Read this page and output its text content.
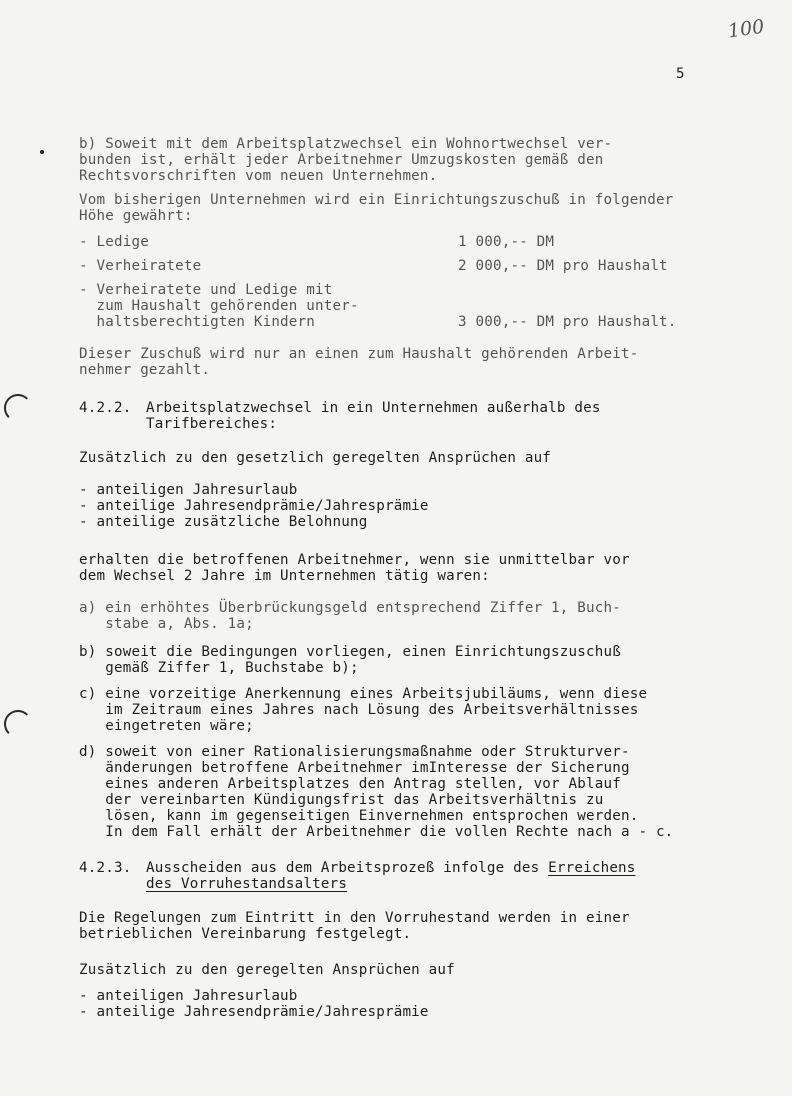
100
5
b) Soweit mit dem Arbeitsplatzwechsel ein Wohnortwechsel ver-
bunden ist, erhält jeder Arbeitnehmer Umzugskosten gemäß den
Rechtsvorschriften vom neuen Unternehmen.
Vom bisherigen Unternehmen wird ein Einrichtungszuschuß in folgender
Höhe gewährt:
- Ledige	1 000,-- DM
- Verheiratete	2 000,-- DM pro Haushalt
- Verheiratete und Ledige mit
zum Haushalt gehörenden unter-
haltsberechtigten Kindern	3 000,-- DM pro Haushalt.
Dieser Zuschuß wird nur an einen zum Haushalt gehörenden Arbeit-
nehmer gezahlt.
4.2.2. Arbeitsplatzwechsel in ein Unternehmen außerhalb des
Tarifbereiches:
Zusätzlich zu den gesetzlich geregelten Ansprüchen auf
- anteiligen Jahresurlaub
- anteilige Jahresendprämie/Jahresprämie
- anteilige zusätzliche Belohnung
erhalten die betroffenen Arbeitnehmer, wenn sie unmittelbar vor
dem Wechsel 2 Jahre im Unternehmen tätig waren:
a) ein erhöhtes Überbrückungsgeld entsprechend Ziffer 1, Buch-
stabe a, Abs. 1a;
b) soweit die Bedingungen vorliegen, einen Einrichtungszuschuß
gemäß Ziffer 1, Buchstabe b);
c) eine vorzeitige Anerkennung eines Arbeitsjubiläums, wenn diese
im Zeitraum eines Jahres nach Lösung des Arbeitsverhältnisses
eingetreten wäre;
d) soweit von einer Rationalisierungsmaßnahme oder Strukturver-
änderungen betroffene Arbeitnehmer imInteresse der Sicherung
eines anderen Arbeitsplatzes den Antrag stellen, vor Ablauf
der vereinbarten Kündigungsfrist das Arbeitsverhältnis zu
lösen, kann im gegenseitigen Einvernehmen entsprochen werden.
In dem Fall erhält der Arbeitnehmer die vollen Rechte nach a - c.
4.2.3. Ausscheiden aus dem Arbeitsprozeß infolge des Erreichens
des Vorruhestandsalters
Die Regelungen zum Eintritt in den Vorruhestand werden in einer
betrieblichen Vereinbarung festgelegt.
Zusätzlich zu den geregelten Ansprüchen auf
- anteiligen Jahresurlaub
- anteilige Jahresendprämie/Jahresprämie
